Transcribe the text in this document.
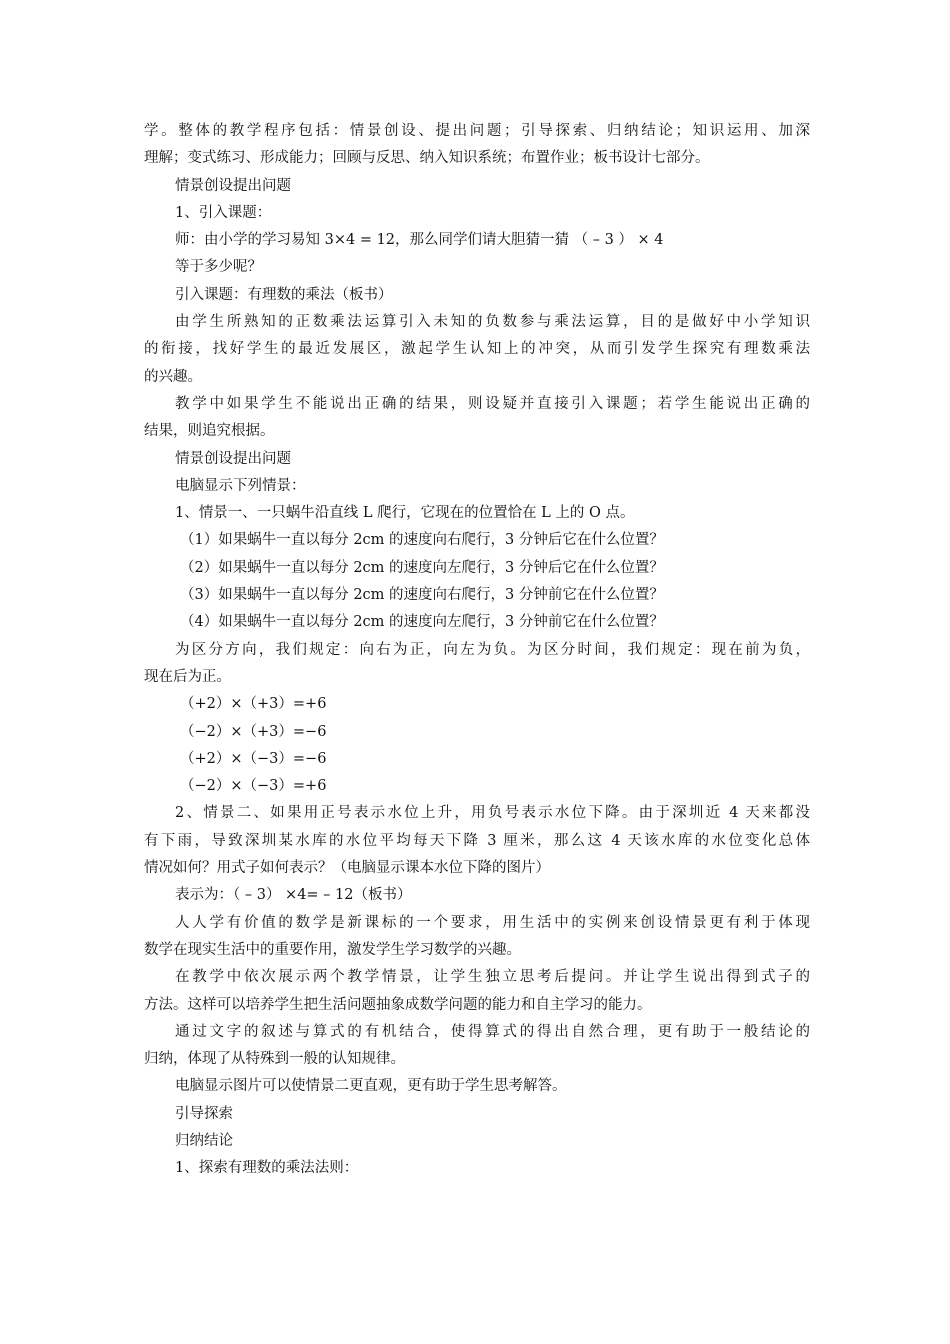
学。整体的教学程序包括：情景创设、提出问题；引导探索、归纳结论；知识运用、加深
理解；变式练习、形成能力；回顾与反思、纳入知识系统；布置作业；板书设计七部分。
情景创设提出问题
1、引入课题：
师：由小学的学习易知 3×4 = 12，那么同学们请大胆猜一猜 （ – 3 ） × 4
等于多少呢？
引入课题：有理数的乘法（板书）
由学生所熟知的正数乘法运算引入未知的负数参与乘法运算，目的是做好中小学知识
的衔接，找好学生的最近发展区，激起学生认知上的冲突，从而引发学生探究有理数乘法
的兴趣。
教学中如果学生不能说出正确的结果，则设疑并直接引入课题；若学生能说出正确的
结果，则追究根据。
情景创设提出问题
电脑显示下列情景：
1、情景一、一只蜗牛沿直线 L 爬行，它现在的位置恰在 L 上的 O 点。
（1）如果蜗牛一直以每分 2cm 的速度向右爬行，3 分钟后它在什么位置？
（2）如果蜗牛一直以每分 2cm 的速度向左爬行，3 分钟后它在什么位置？
（3）如果蜗牛一直以每分 2cm 的速度向右爬行，3 分钟前它在什么位置？
（4）如果蜗牛一直以每分 2cm 的速度向左爬行，3 分钟前它在什么位置？
为区分方向，我们规定：向右为正，向左为负。为区分时间，我们规定：现在前为负，
现在后为正。
（+2）×（+3）=+6
（−2）×（+3）=−6
（+2）×（−3）=−6
（−2）×（−3）=+6
2、情景二、如果用正号表示水位上升，用负号表示水位下降。由于深圳近 4 天来都没
有下雨，导致深圳某水库的水位平均每天下降 3 厘米，那么这 4 天该水库的水位变化总体
情况如何？用式子如何表示？（电脑显示课本水位下降的图片）
表示为：（ – 3） ×4= – 12（板书）
人人学有价值的数学是新课标的一个要求，用生活中的实例来创设情景更有利于体现
数学在现实生活中的重要作用，激发学生学习数学的兴趣。
在教学中依次展示两个教学情景，让学生独立思考后提问。并让学生说出得到式子的
方法。这样可以培养学生把生活问题抽象成数学问题的能力和自主学习的能力。
通过文字的叙述与算式的有机结合，使得算式的得出自然合理，更有助于一般结论的
归纳，体现了从特殊到一般的认知规律。
电脑显示图片可以使情景二更直观，更有助于学生思考解答。
引导探索
归纳结论
1、探索有理数的乘法法则：
